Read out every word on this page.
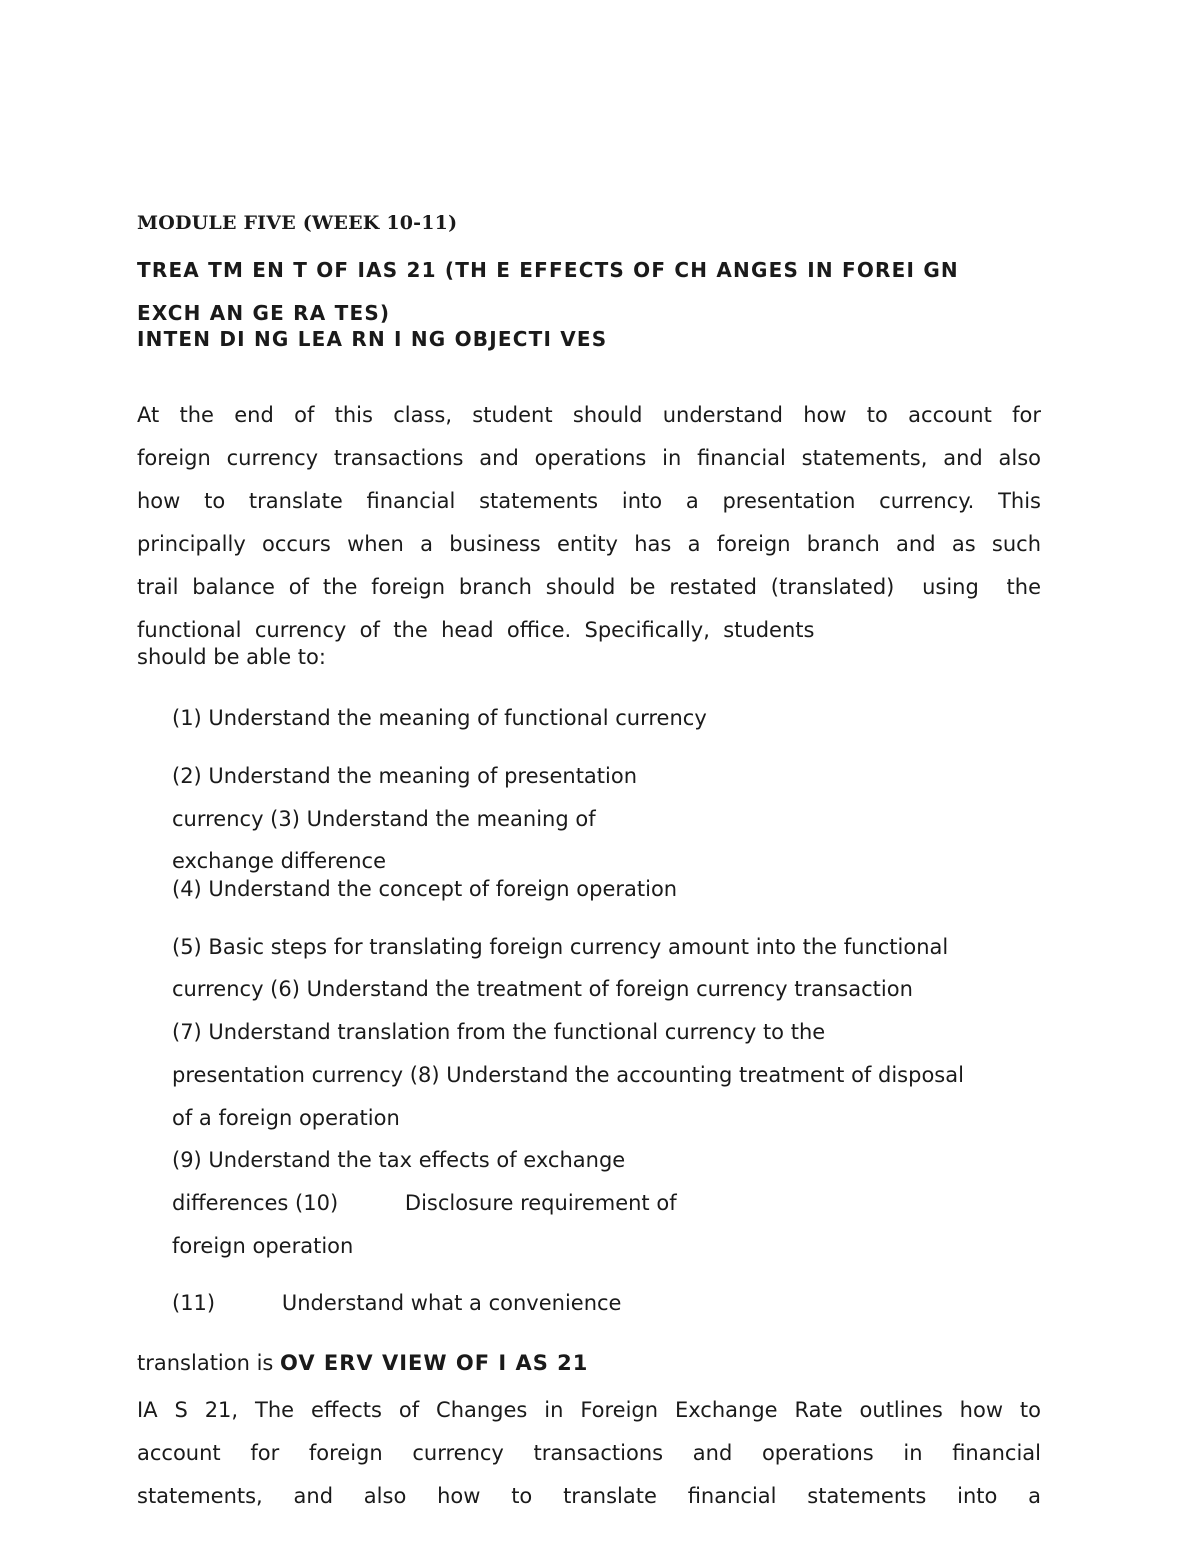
MODULE FIVE (WEEK 10-11)
TREA TM EN T OF IAS 21 (TH E EFFECTS OF CH ANGES IN FOREI GN
EXCH AN GE RA TES)
INTEN DI NG LEA RN I NG OBJECTI VES
At the end of this class, student should understand how to account for
foreign currency transactions and operations in financial statements, and also
how to translate financial statements into a presentation currency. This
principally occurs when a business entity has a foreign branch and as such
trail balance of the foreign branch should be restated (translated)  using  the
functional  currency  of  the  head  office.  Specifically,  students
should be able to:
(1) Understand the meaning of functional currency
(2) Understand the meaning of presentation
currency (3) Understand the meaning of
exchange difference
(4) Understand the concept of foreign operation
(5) Basic steps for translating foreign currency amount into the functional
currency (6) Understand the treatment of foreign currency transaction
(7) Understand translation from the functional currency to the
presentation currency (8) Understand the accounting treatment of disposal
of a foreign operation
(9) Understand the tax effects of exchange
differences (10)          Disclosure requirement of
foreign operation
(11)          Understand what a convenience
translation is OV ERV VIEW OF I AS 21
IA S 21, The effects of Changes in Foreign Exchange Rate outlines how to
account for foreign currency transactions and operations in financial
statements, and also how to translate financial statements into a
